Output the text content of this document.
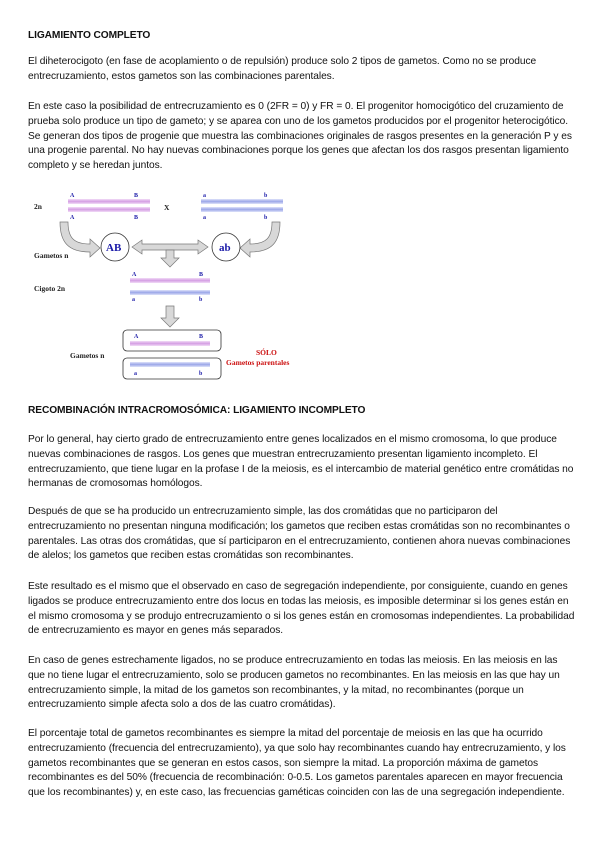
LIGAMIENTO COMPLETO

El diheterocigoto (en fase de acoplamiento o de repulsión) produce solo 2 tipos de gametos. Como no se produce entrecruzamiento, estos gametos son las combinaciones parentales.

En este caso la posibilidad de entrecruzamiento es 0 (2FR = 0) y FR = 0. El progenitor homocigótico del cruzamiento de prueba solo produce un tipo de gameto; y se aparea con uno de los gametos producidos por el progenitor heterocigótico. Se generan dos tipos de progenie que muestra las combinaciones originales de rasgos presentes en la generación P y es una progenie parental. No hay nuevas combinaciones porque los genes que afectan los dos rasgos presentan ligamiento completo y se heredan juntos.

2n
A	B
A	B
X
a	b
a	b
AB	ab
Gametos n
Cigoto 2n
A	B
a	b
Gametos n
A	B
a	b
SÓLO
Gametos parentales
RECOMBINACIÓN INTRACROMOSÓMICA: LIGAMIENTO INCOMPLETO

Por lo general, hay cierto grado de entrecruzamiento entre genes localizados en el mismo cromosoma, lo que produce nuevas combinaciones de rasgos. Los genes que muestran entrecruzamiento presentan ligamiento incompleto. El entrecruzamiento, que tiene lugar en la profase I de la meiosis, es el intercambio de material genético entre cromátidas no hermanas de cromosomas homólogos.

Después de que se ha producido un entrecruzamiento simple, las dos cromátidas que no participaron del entrecruzamiento no presentan ninguna modificación; los gametos que reciben estas cromátidas son no recombinantes o parentales. Las otras dos cromátidas, que sí participaron en el entrecruzamiento, contienen ahora nuevas combinaciones de alelos; los gametos que reciben estas cromátidas son recombinantes.

Este resultado es el mismo que el observado en caso de segregación independiente, por consiguiente, cuando en genes ligados se produce entrecruzamiento entre dos locus en todas las meiosis, es imposible determinar si los genes están en el mismo cromosoma y se produjo entrecruzamiento o si los genes están en cromosomas independientes. La probabilidad de entrecruzamiento es mayor en genes más separados.

En caso de genes estrechamente ligados, no se produce entrecruzamiento en todas las meiosis. En las meiosis en las que no tiene lugar el entrecruzamiento, solo se producen gametos no recombinantes. En las meiosis en las que hay un entrecruzamiento simple, la mitad de los gametos son recombinantes, y la mitad, no recombinantes (porque un entrecruzamiento simple afecta solo a dos de las cuatro cromátidas).

El porcentaje total de gametos recombinantes es siempre la mitad del porcentaje de meiosis en las que ha ocurrido entrecruzamiento (frecuencia del entrecruzamiento), ya que solo hay recombinantes cuando hay entrecruzamiento, y los gametos recombinantes que se generan en estos casos, son siempre la mitad. La proporción máxima de gametos recombinantes es del 50% (frecuencia de recombinación: 0-0.5. Los gametos parentales aparecen en mayor frecuencia que los recombinantes) y, en este caso, las frecuencias gaméticas coinciden con las de una segregación independiente.
